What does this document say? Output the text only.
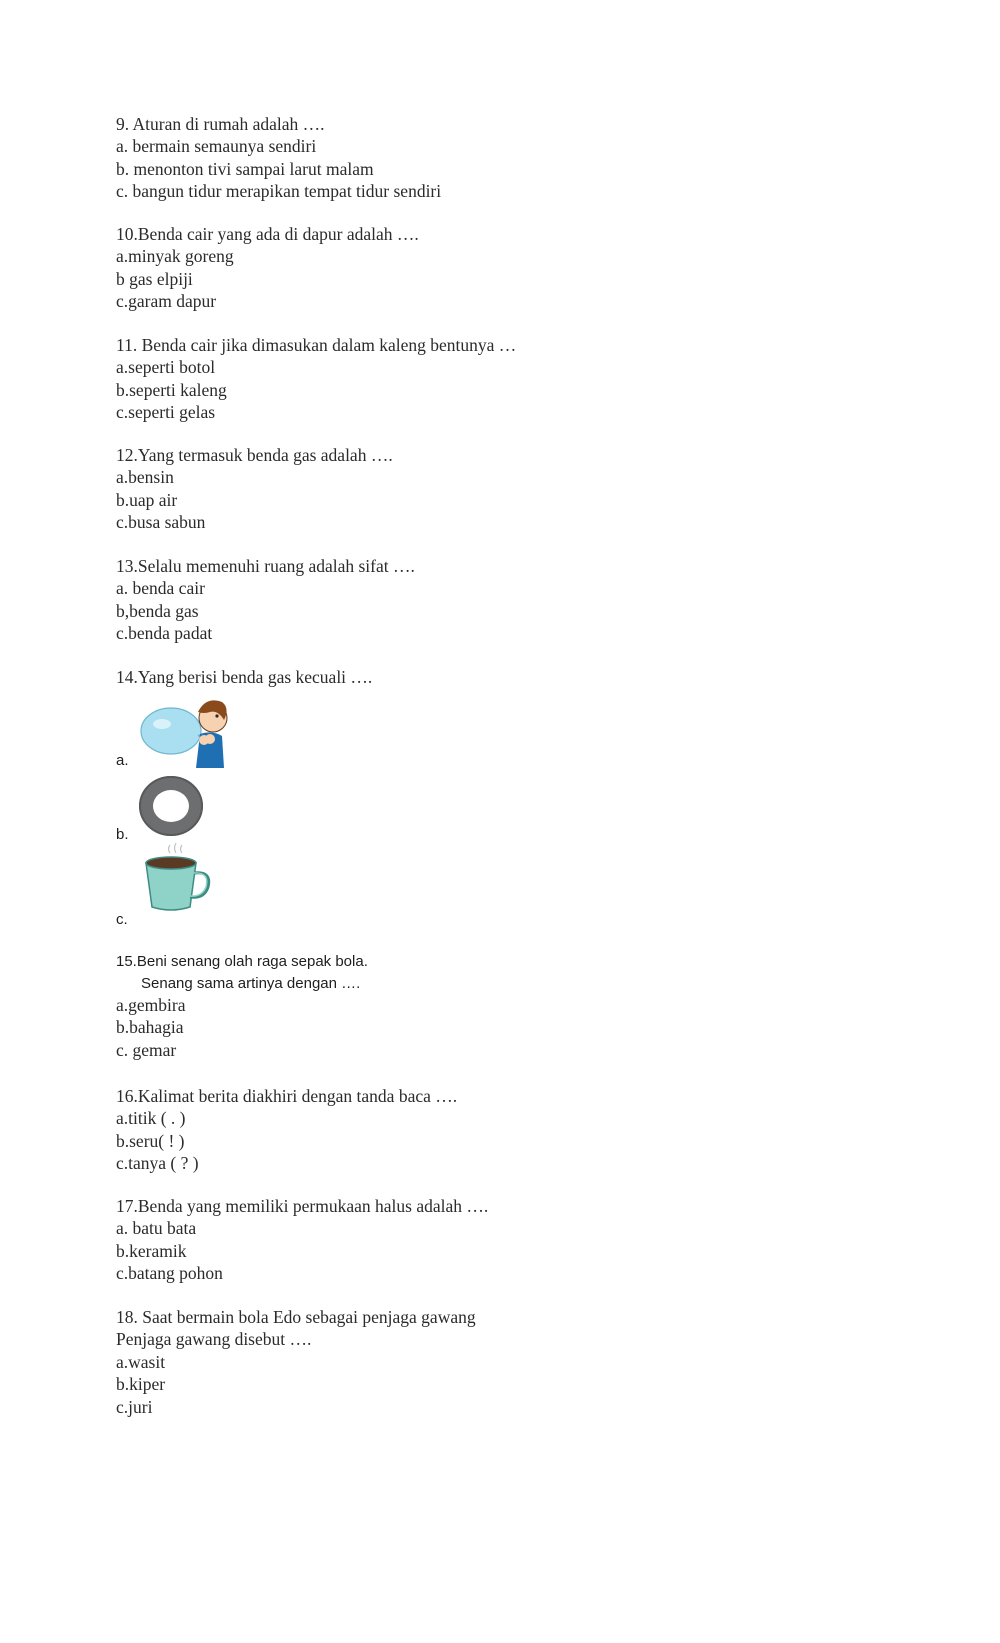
9. Aturan di rumah adalah ….
a. bermain semaunya sendiri
b. menonton tivi sampai larut malam
c. bangun tidur merapikan tempat tidur sendiri
10.Benda cair yang ada di dapur adalah ….
a.minyak goreng
b gas elpiji
c.garam dapur
11. Benda cair jika dimasukan dalam kaleng bentunya …
a.seperti botol
b.seperti kaleng
c.seperti gelas
12.Yang termasuk benda gas adalah ….
a.bensin
b.uap air
c.busa sabun
13.Selalu memenuhi ruang adalah sifat ….
a. benda cair
b,benda gas
c.benda padat
14.Yang berisi benda gas kecuali ….
a.
b.
c.
15.Beni senang olah raga sepak bola.
Senang sama artinya dengan ….
a.gembira
b.bahagia
c. gemar
16.Kalimat berita diakhiri dengan tanda baca ….
a.titik ( . )
b.seru( ! )
c.tanya ( ? )
17.Benda yang memiliki permukaan halus adalah ….
a. batu bata
b.keramik
c.batang pohon
18. Saat bermain bola Edo sebagai penjaga gawang
Penjaga gawang disebut ….
a.wasit
b.kiper
c.juri
